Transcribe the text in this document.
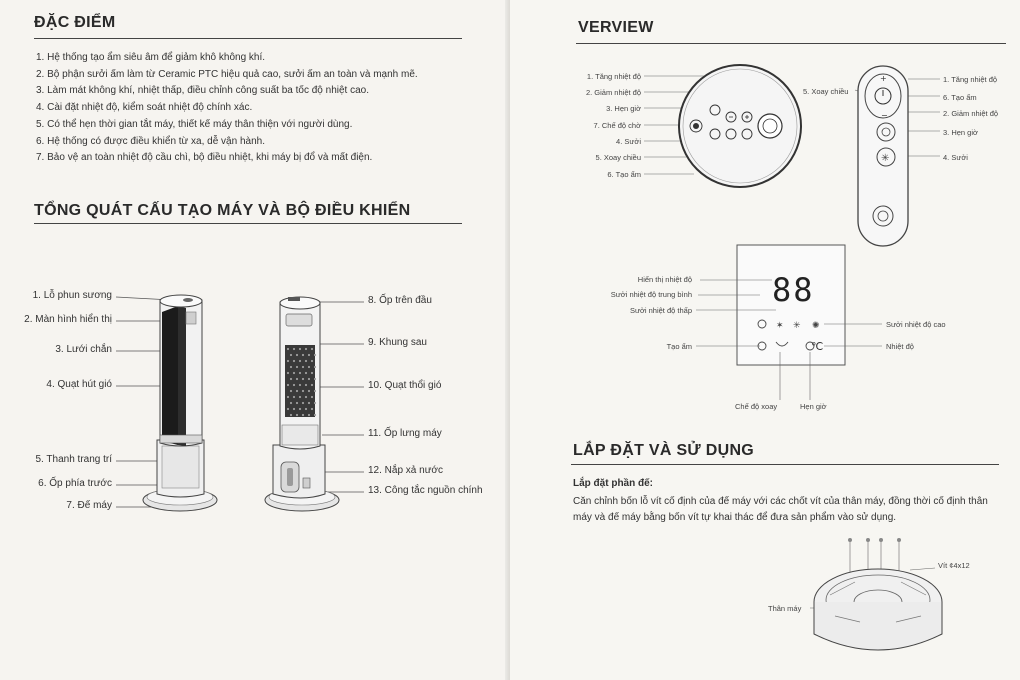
ĐẶC ĐIỂM
1. Hệ thống tạo ẩm siêu âm để giảm khô không khí.
2. Bộ phận sưởi ấm làm từ Ceramic PTC hiệu quả cao, sưởi ấm an toàn và mạnh mẽ.
3. Làm mát không khí, nhiệt thấp, điều chỉnh công suất ba tốc độ nhiệt cao.
4. Cài đặt nhiệt độ, kiểm soát nhiệt độ chính xác.
5. Có thể hẹn thời gian tắt máy, thiết kế máy thân thiện với người dùng.
6. Hệ thống có được điều khiển từ xa, dễ vận hành.
7. Bảo vệ an toàn nhiệt độ cầu chì, bộ điều nhiệt, khi máy bị đổ và mất điện.
TỔNG QUÁT CẤU TẠO MÁY VÀ BỘ ĐIỀU KHIỂN
1. Lỗ phun sương
2. Màn hình hiển thị
3. Lưới chắn
4. Quạt hút gió
5. Thanh trang trí
6. Ốp phía trước
7. Đế máy
8. Ốp trên đầu
9. Khung sau
10. Quạt thổi gió
11. Ốp lưng máy
12. Nắp xả nước
13. Công tắc nguồn chính
VERVIEW
1. Tăng nhiệt độ
2. Giảm nhiệt độ
3. Hẹn giờ
7. Chế độ chờ
4. Sưởi
5. Xoay chiều
6. Tạo ẩm
5. Xoay chiều
1. Tăng nhiệt độ
6. Tạo ẩm
2. Giảm nhiệt độ
3. Hẹn giờ
4. Sưởi
+
−
✳
✶ ✳ ✺
88
℃
Hiển thị nhiệt độ
Sưởi nhiệt độ trung bình
Sưởi nhiệt độ thấp
Tạo ẩm
Sưởi nhiệt độ cao
Nhiệt độ
Chế độ xoay	Hẹn giờ
LẮP ĐẶT VÀ SỬ DỤNG
Lắp đặt phần đế:
Căn chỉnh bốn lỗ vít cố định của đế máy với các chốt vít của thân máy, đồng thời cố định thân máy và đế máy bằng bốn vít tự khai thác để đưa sản phẩm vào sử dụng.
Vít ¢4x12
Thân máy
